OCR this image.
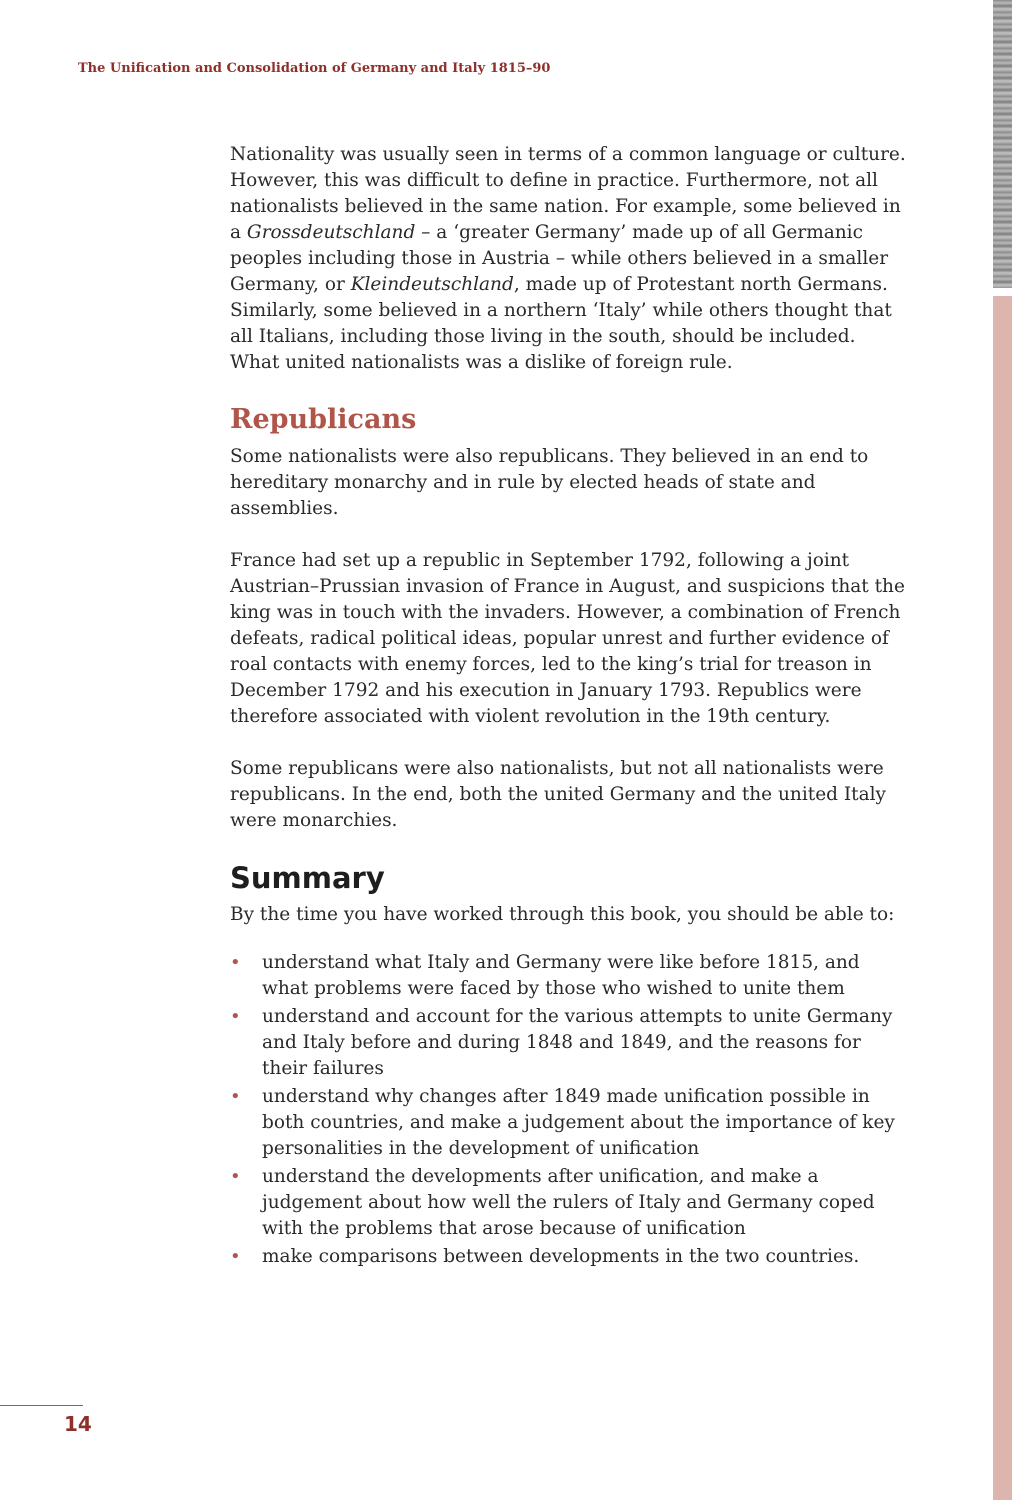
The Unification and Consolidation of Germany and Italy 1815–90

Nationality was usually seen in terms of a common language or culture. However, this was difficult to define in practice. Furthermore, not all nationalists believed in the same nation. For example, some believed in a Grossdeutschland – a ‘greater Germany’ made up of all Germanic peoples including those in Austria – while others believed in a smaller Germany, or Kleindeutschland, made up of Protestant north Germans. Similarly, some believed in a northern ‘Italy’ while others thought that all Italians, including those living in the south, should be included. What united nationalists was a dislike of foreign rule.

Republicans

Some nationalists were also republicans. They believed in an end to hereditary monarchy and in rule by elected heads of state and assemblies.

France had set up a republic in September 1792, following a joint Austrian–Prussian invasion of France in August, and suspicions that the king was in touch with the invaders. However, a combination of French defeats, radical political ideas, popular unrest and further evidence of roal contacts with enemy forces, led to the king’s trial for treason in December 1792 and his execution in January 1793. Republics were therefore associated with violent revolution in the 19th century.

Some republicans were also nationalists, but not all nationalists were republicans. In the end, both the united Germany and the united Italy were monarchies.

Summary

By the time you have worked through this book, you should be able to:

• understand what Italy and Germany were like before 1815, and what problems were faced by those who wished to unite them
• understand and account for the various attempts to unite Germany and Italy before and during 1848 and 1849, and the reasons for their failures
• understand why changes after 1849 made unification possible in both countries, and make a judgement about the importance of key personalities in the development of unification
• understand the developments after unification, and make a judgement about how well the rulers of Italy and Germany coped with the problems that arose because of unification
• make comparisons between developments in the two countries.
14
